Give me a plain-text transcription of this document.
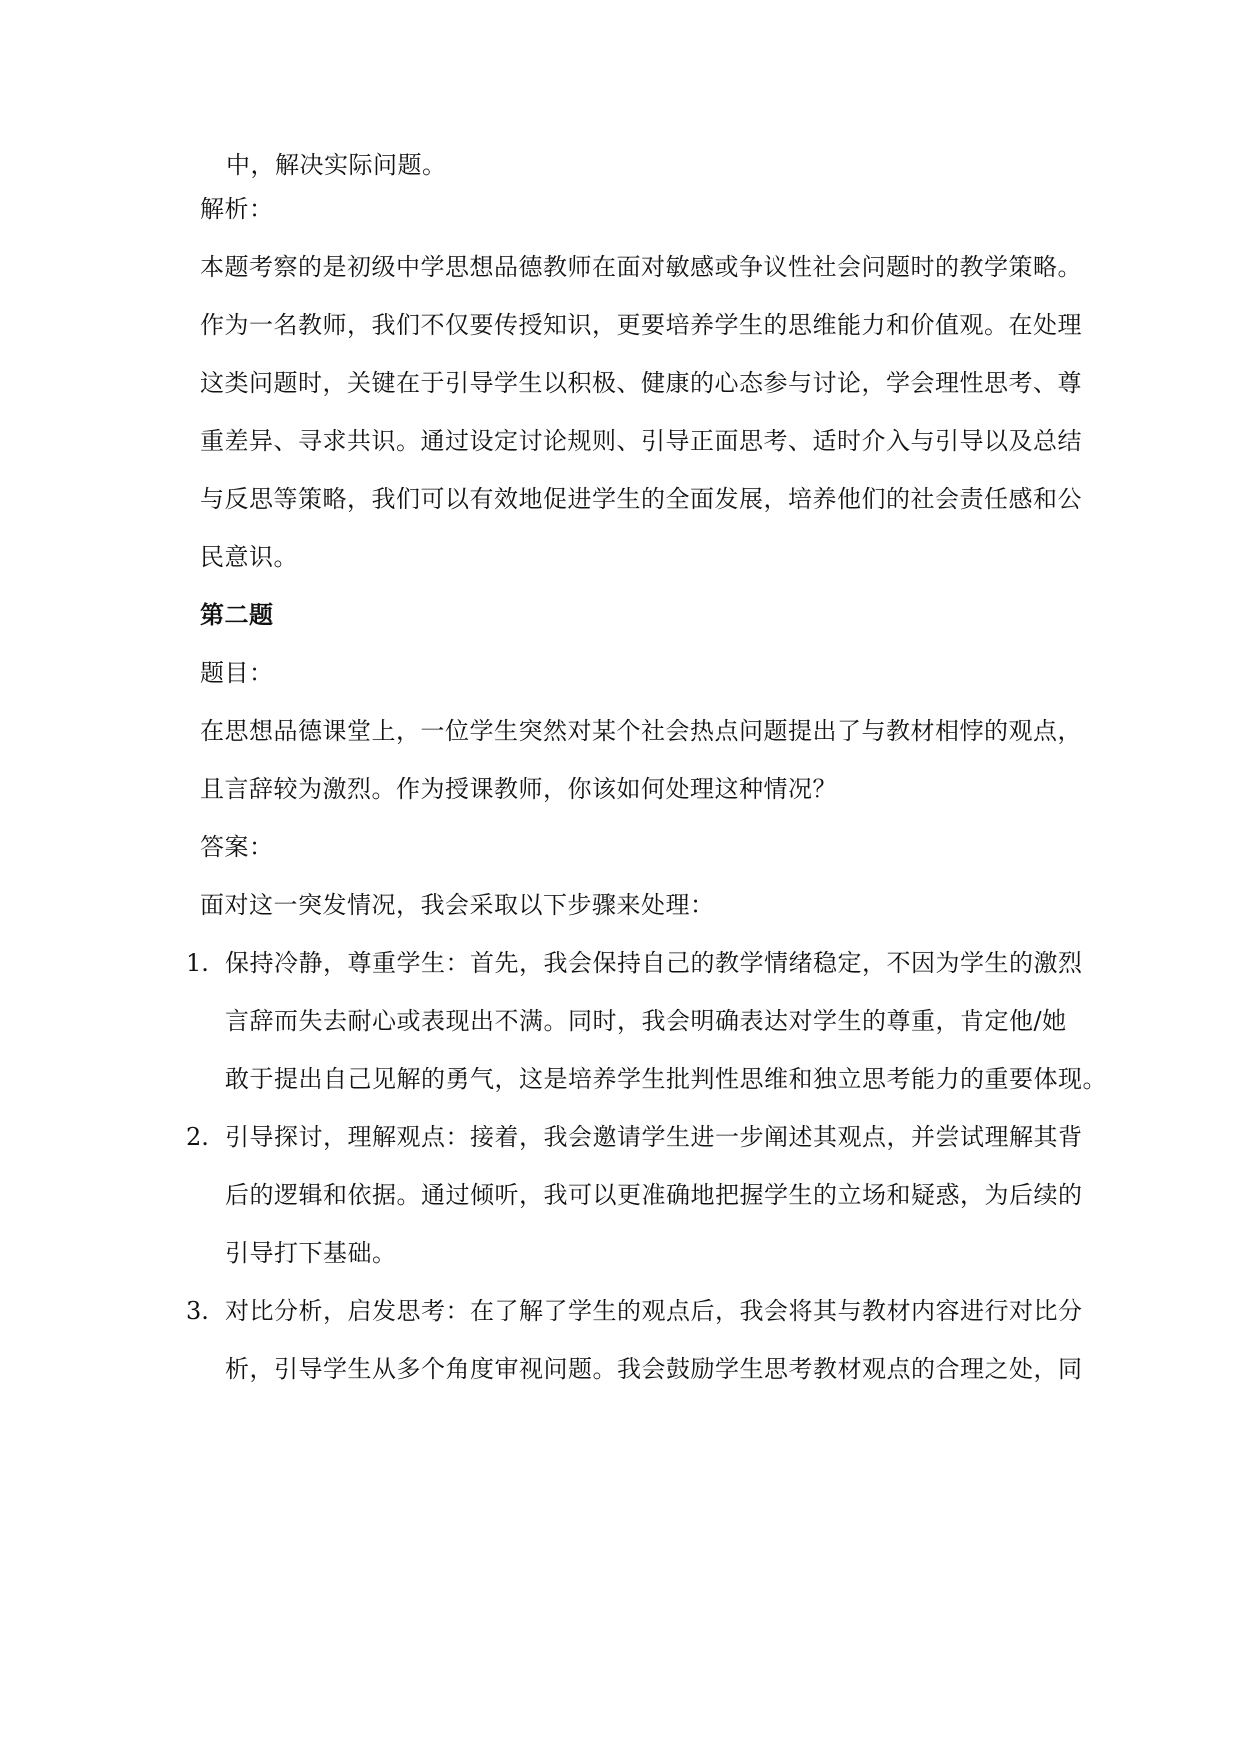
中，解决实际问题。
解析：
本题考察的是初级中学思想品德教师在面对敏感或争议性社会问题时的教学策略。
作为一名教师，我们不仅要传授知识，更要培养学生的思维能力和价值观。在处理
这类问题时，关键在于引导学生以积极、健康的心态参与讨论，学会理性思考、尊
重差异、寻求共识。通过设定讨论规则、引导正面思考、适时介入与引导以及总结
与反思等策略，我们可以有效地促进学生的全面发展，培养他们的社会责任感和公
民意识。
第二题
题目：
在思想品德课堂上，一位学生突然对某个社会热点问题提出了与教材相悖的观点，
且言辞较为激烈。作为授课教师，你该如何处理这种情况？
答案：
面对这一突发情况，我会采取以下步骤来处理：
1. 保持冷静，尊重学生：首先，我会保持自己的教学情绪稳定，不因为学生的激烈
言辞而失去耐心或表现出不满。同时，我会明确表达对学生的尊重，肯定他/她
敢于提出自己见解的勇气，这是培养学生批判性思维和独立思考能力的重要体现。
2. 引导探讨，理解观点：接着，我会邀请学生进一步阐述其观点，并尝试理解其背
后的逻辑和依据。通过倾听，我可以更准确地把握学生的立场和疑惑，为后续的
引导打下基础。
3. 对比分析，启发思考：在了解了学生的观点后，我会将其与教材内容进行对比分
析，引导学生从多个角度审视问题。我会鼓励学生思考教材观点的合理之处，同
